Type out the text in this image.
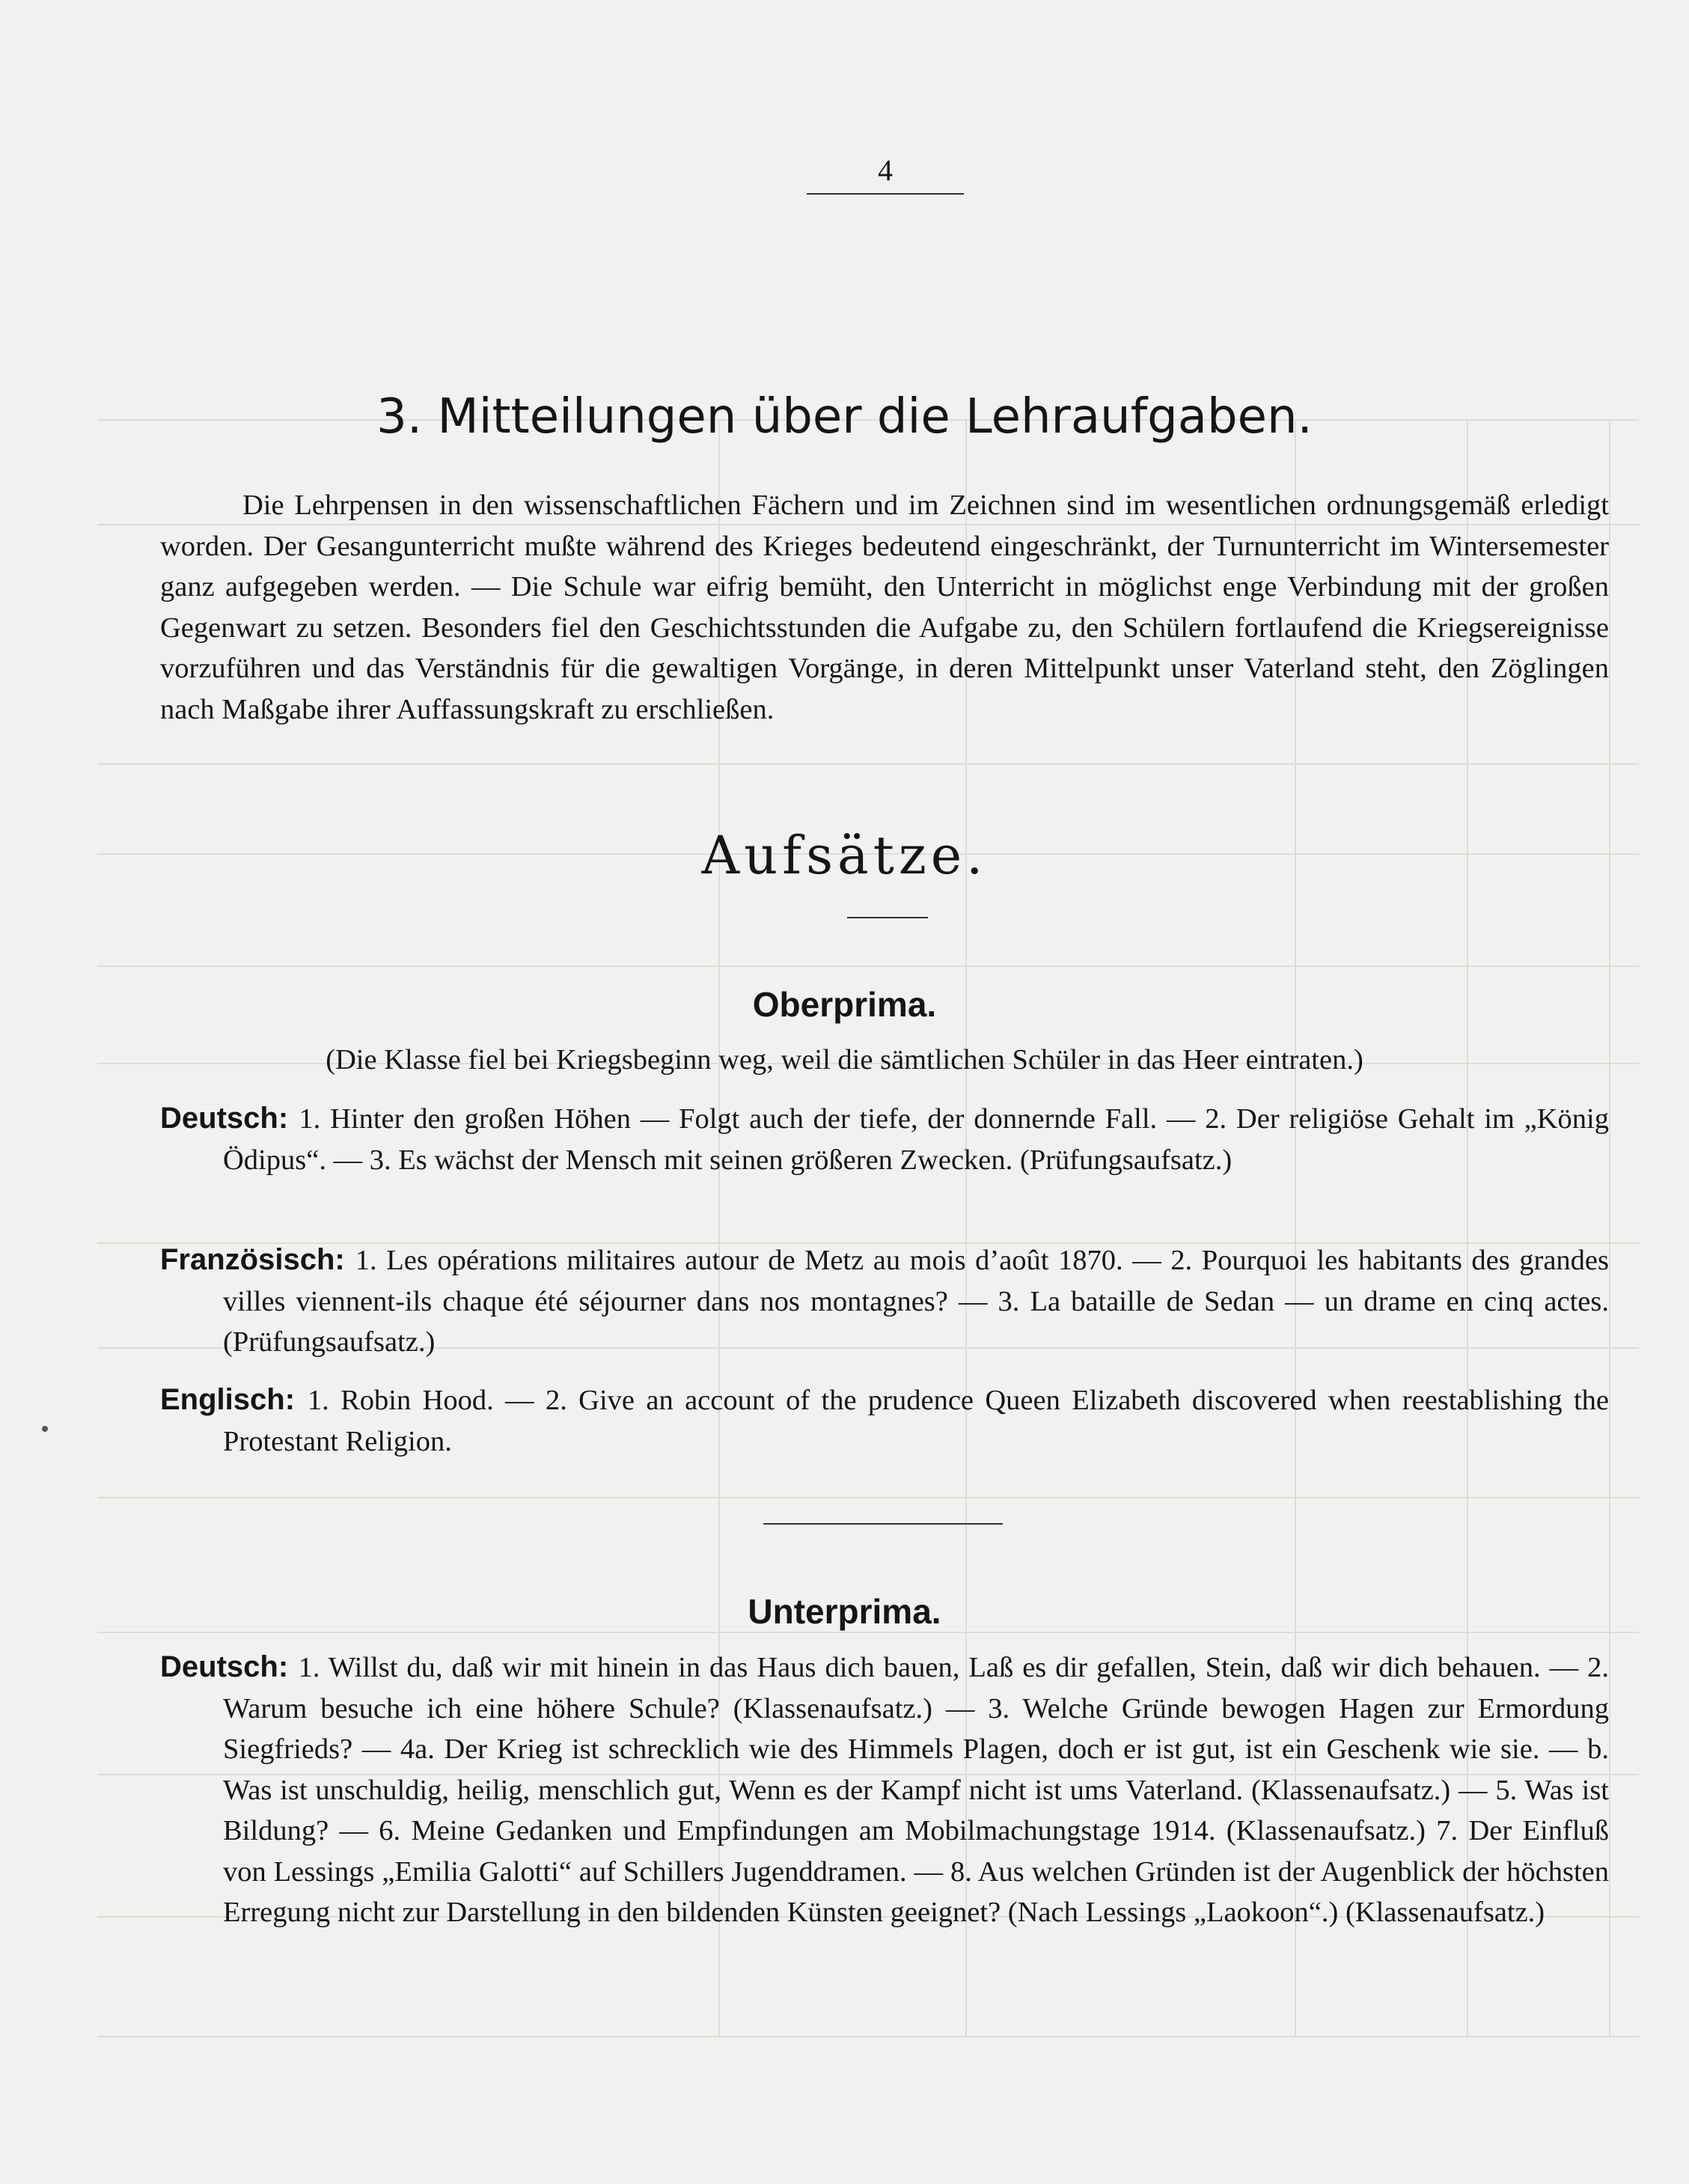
4
3. Mitteilungen über die Lehraufgaben.
Die Lehrpensen in den wissenschaftlichen Fächern und im Zeichnen sind im wesentlichen ordnungsgemäß erledigt worden. Der Gesangunterricht mußte während des Krieges bedeutend eingeschränkt, der Turnunterricht im Wintersemester ganz aufgegeben werden. — Die Schule war eifrig bemüht, den Unterricht in möglichst enge Verbindung mit der großen Gegenwart zu setzen. Besonders fiel den Geschichtsstunden die Aufgabe zu, den Schülern fortlaufend die Kriegsereignisse vorzuführen und das Verständnis für die gewaltigen Vorgänge, in deren Mittelpunkt unser Vaterland steht, den Zöglingen nach Maßgabe ihrer Auffassungskraft zu erschließen.
Aufsätze.
Oberprima.
(Die Klasse fiel bei Kriegsbeginn weg, weil die sämtlichen Schüler in das Heer eintraten.)
Deutsch: 1. Hinter den großen Höhen — Folgt auch der tiefe, der donnernde Fall. — 2. Der religiöse Gehalt im „König Ödipus“. — 3. Es wächst der Mensch mit seinen größeren Zwecken. (Prüfungsaufsatz.)
Französisch: 1. Les opérations militaires autour de Metz au mois d’août 1870. — 2. Pourquoi les habitants des grandes villes viennent-ils chaque été séjourner dans nos montagnes? — 3. La bataille de Sedan — un drame en cinq actes. (Prüfungsaufsatz.)
Englisch: 1. Robin Hood. — 2. Give an account of the prudence Queen Elizabeth discovered when reestablishing the Protestant Religion.
Unterprima.
Deutsch: 1. Willst du, daß wir mit hinein in das Haus dich bauen, Laß es dir gefallen, Stein, daß wir dich behauen. — 2. Warum besuche ich eine höhere Schule? (Klassenaufsatz.) — 3. Welche Gründe bewogen Hagen zur Ermordung Siegfrieds? — 4a. Der Krieg ist schrecklich wie des Himmels Plagen, doch er ist gut, ist ein Geschenk wie sie. — b. Was ist unschuldig, heilig, menschlich gut, Wenn es der Kampf nicht ist ums Vaterland. (Klassenaufsatz.) — 5. Was ist Bildung? — 6. Meine Gedanken und Empfindungen am Mobilmachungstage 1914. (Klassenaufsatz.) 7. Der Einfluß von Lessings „Emilia Galotti“ auf Schillers Jugenddramen. — 8. Aus welchen Gründen ist der Augenblick der höchsten Erregung nicht zur Darstellung in den bildenden Künsten geeignet? (Nach Lessings „Laokoon“.) (Klassenaufsatz.)
